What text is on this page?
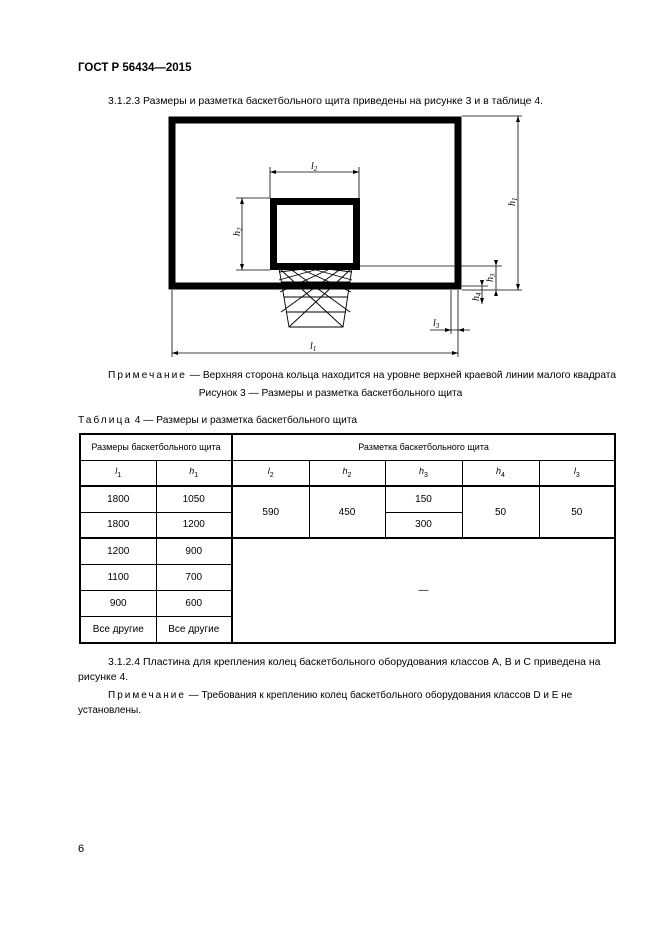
ГОСТ Р 56434—2015
3.1.2.3 Размеры и разметка баскетбольного щита приведены на рисунке 3 и в таблице 4.
$l_2$
$h_2$
$h_1$
$h_3$
$h_4$
$l_3$
$l_1$
Примечание — Верхняя сторона кольца находится на уровне верхней краевой линии малого квадрата
Рисунок 3 — Размеры и разметка баскетбольного щита
Таблица 4 — Размеры и разметка баскетбольного щита
Размеры баскетбольного щита		Разметка баскетбольного щита				
$l_1$	$h_1$	$l_2$	$h_2$	$h_3$	$h_4$	$l_3$
1800	1050	590	450	150	50	50
1800	1200			300		
1200	900	—				
1100	700					
900	600					
Все другие	Все другие					
3.1.2.4 Пластина для крепления колец баскетбольного оборудования классов А, В и С приведена на рисунке 4.
Примечание — Требования к креплению колец баскетбольного оборудования классов D и E не установлены.
6
